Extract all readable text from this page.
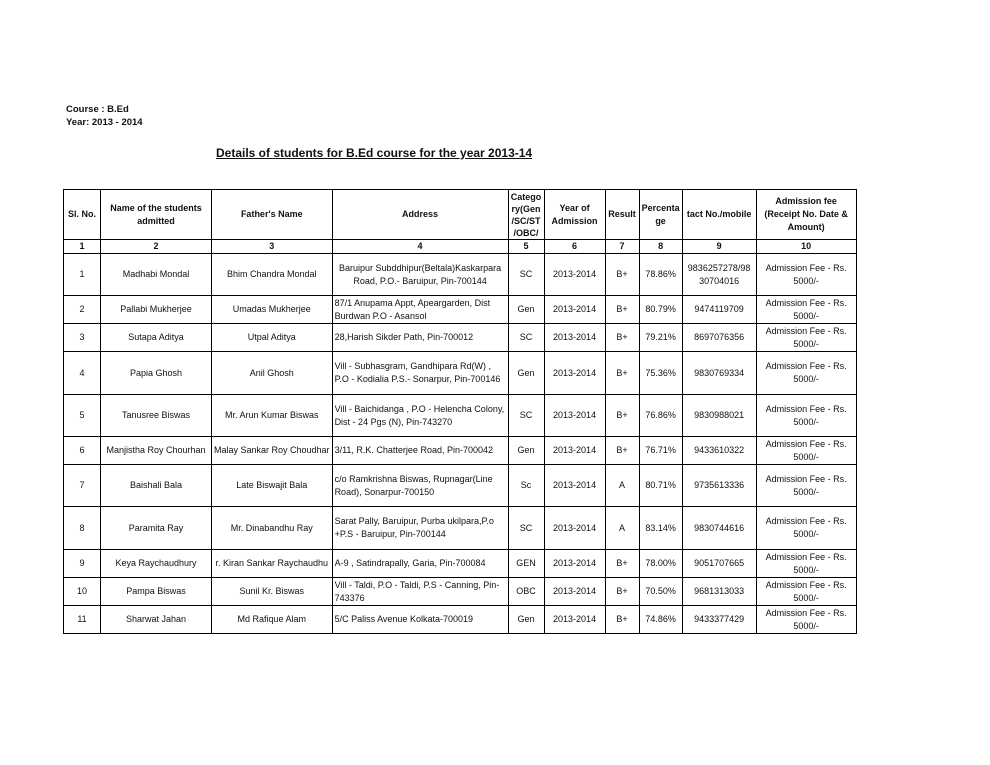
Course : B.Ed
Year: 2013 - 2014
Details of students for B.Ed course for the year 2013-14
Sl. No.	Name of the students admitted	Father's Name	Address	Catego ry(Gen /SC/ST /OBC/	Year of Admission	Result	Percenta ge	tact No./mobile	Admission fee (Receipt No. Date & Amount)
1	2	3	4	5	6	7	8	9	10
1	Madhabi Mondal	Bhim Chandra Mondal	Baruipur Subddhipur(Beltala)Kaskarpara Road, P.O.- Baruipur, Pin-700144	SC	2013-2014	B+	78.86%	9836257278/98 30704016	Admission Fee - Rs. 5000/-
2	Pallabi Mukherjee	Umadas Mukherjee	87/1 Anupama Appt, Apeargarden, Dist Burdwan P.O - Asansol	Gen	2013-2014	B+	80.79%	9474119709	Admission Fee - Rs. 5000/-
3	Sutapa Aditya	Utpal Aditya	28,Harish Sikder Path, Pin-700012	SC	2013-2014	B+	79.21%	8697076356	Admission Fee - Rs. 5000/-
4	Papia Ghosh	Anil Ghosh	Vill - Subhasgram, Gandhipara Rd(W) , P.O - Kodialia P.S.- Sonarpur, Pin-700146	Gen	2013-2014	B+	75.36%	9830769334	Admission Fee - Rs. 5000/-
5	Tanusree Biswas	Mr. Arun Kumar Biswas	Vill - Baichidanga , P.O - Helencha Colony, Dist - 24 Pgs (N), Pin-743270	SC	2013-2014	B+	76.86%	9830988021	Admission Fee - Rs. 5000/-
6	Manjistha Roy Chourhan	Malay Sankar Roy Choudhar	3/11, R.K. Chatterjee Road, Pin-700042	Gen	2013-2014	B+	76.71%	9433610322	Admission Fee - Rs. 5000/-
7	Baishali Bala	Late Biswajit Bala	c/o Ramkrishna Biswas, Rupnagar(Line Road), Sonarpur-700150	Sc	2013-2014	A	80.71%	9735613336	Admission Fee - Rs. 5000/-
8	Paramita Ray	Mr. Dinabandhu Ray	Sarat Pally, Baruipur, Purba ukilpara,P.o +P.S - Baruipur, Pin-700144	SC	2013-2014	A	83.14%	9830744616	Admission Fee - Rs. 5000/-
9	Keya Raychaudhury	r. Kiran Sankar Raychaudhu	A-9 , Satindrapally, Garia, Pin-700084	GEN	2013-2014	B+	78.00%	9051707665	Admission Fee - Rs. 5000/-
10	Pampa Biswas	Sunil Kr. Biswas	Vill - Taldi, P.O - Taldi, P.S - Canning, Pin-743376	OBC	2013-2014	B+	70.50%	9681313033	Admission Fee - Rs. 5000/-
11	Sharwat Jahan	Md Rafique Alam	5/C Paliss Avenue Kolkata-700019	Gen	2013-2014	B+	74.86%	9433377429	Admission Fee - Rs. 5000/-
